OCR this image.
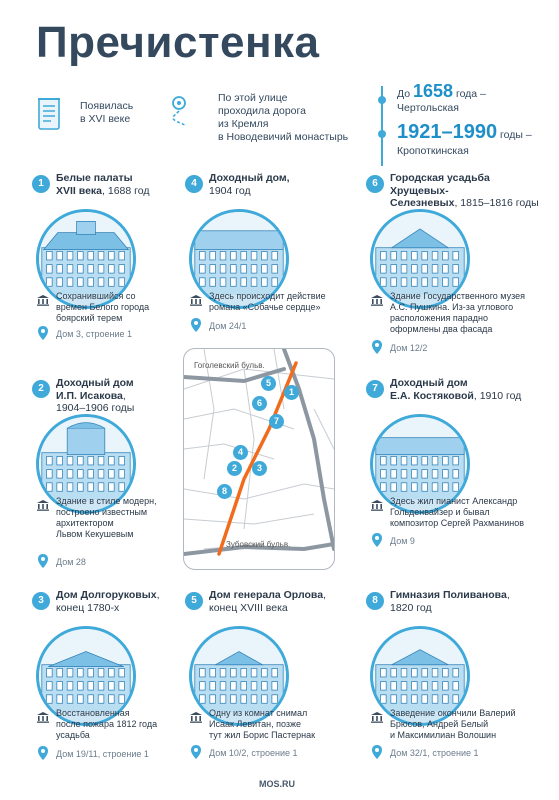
Пречистенка
Появилась
в XVI веке
По этой улице
проходила дорога
из Кремля
в Новодевичий монастырь
До 1658 года –
Чертольская
1921–1990 годы –
Кропоткинская
1	Белые палаты
XVII века, 1688 год
Сохранившийся со
времен Белого города
боярский терем
Дом 3, строение 1
4	Доходный дом,
1904 год
Здесь происходит действие
романа «Собачье сердце»
Дом 24/1
6	Городская усадьба Хрущевых-
Селезневых, 1815–1816 годы
Здание Государственного музея
А.С. Пушкина. Из-за углового
расположения парадно
оформлены два фасада
Дом 12/2
2	Доходный дом
И.П. Исакова,
1904–1906 годы
Здание в стиле модерн,
построено известным
архитектором
Львом Кекушевым
Дом 28
7	Доходный дом
Е.А. Костяковой, 1910 год
Здесь жил пианист Александр
Гольденвайзер и бывал
композитор Сергей Рахманинов
Дом 9
3	Дом Долгоруковых,
конец 1780-х
Восстановленная
после пожара 1812 года
усадьба
Дом 19/11, строение 1
5	Дом генерала Орлова,
конец XVIII века
Одну из комнат снимал
Исаак Левитан, позже
тут жил Борис Пастернак
Дом 10/2, строение 1
8	Гимназия Поливанова,
1820 год
Заведение окончили Валерий
Брюсов, Андрей Белый
и Максимилиан Волошин
Дом 32/1, строение 1
Гоголевский бульв.
Зубовский бульв.
5
1
6
7
4
2	3
8
MOS.RU
